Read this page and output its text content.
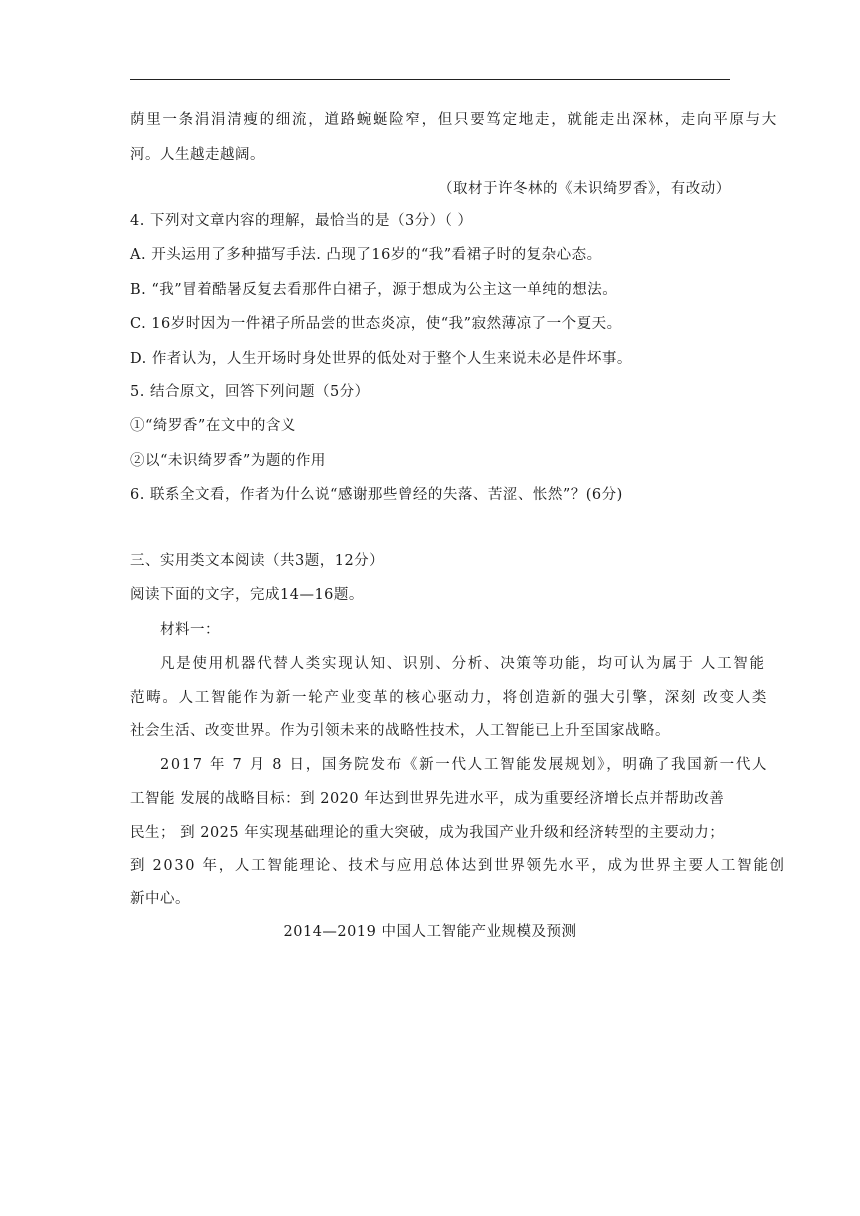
荫里一条涓涓清瘦的细流，道路蜿蜒险窄，但只要笃定地走，就能走出深林，走向平原与大
河。人生越走越阔。
（取材于许冬林的《未识绮罗香》，有改动）
4. 下列对文章内容的理解，最恰当的是（3分）（ ）
A. 开头运用了多种描写手法. 凸现了16岁的“我”看裙子时的复杂心态。
B. “我”冒着酷暑反复去看那件白裙子，源于想成为公主这一单纯的想法。
C. 16岁时因为一件裙子所品尝的世态炎凉，使“我”寂然薄凉了一个夏天。
D. 作者认为，人生开场时身处世界的低处对于整个人生来说未必是件坏事。
5. 结合原文，回答下列问题（5分）
①“绮罗香”在文中的含义
②以“未识绮罗香”为题的作用
6. 联系全文看，作者为什么说“感谢那些曾经的失落、苦涩、怅然”？(6分)
三、实用类文本阅读（共3题，12分）
阅读下面的文字，完成14—16题。
材料一：
凡是使用机器代替人类实现认知、识别、分析、决策等功能，均可认为属于 人工智能
范畴。人工智能作为新一轮产业变革的核心驱动力，将创造新的强大引擎，深刻 改变人类
社会生活、改变世界。作为引领未来的战略性技术，人工智能已上升至国家战略。
2017 年 7 月 8 日，国务院发布《新一代人工智能发展规划》，明确了我国新一代人
工智能 发展的战略目标：到 2020 年达到世界先进水平，成为重要经济增长点并帮助改善
民生； 到 2025 年实现基础理论的重大突破，成为我国产业升级和经济转型的主要动力；
到 2030 年，人工智能理论、技术与应用总体达到世界领先水平，成为世界主要人工智能创
新中心。
2014—2019 中国人工智能产业规模及预测
